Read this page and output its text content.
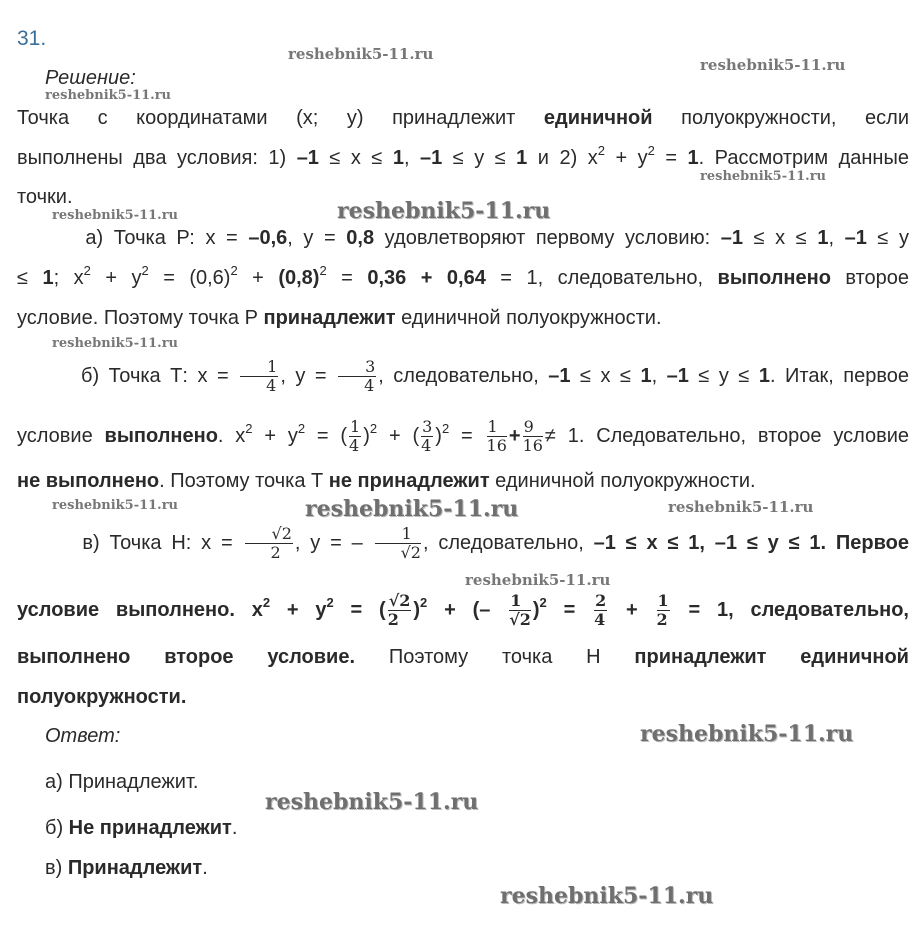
31.
Решение:
Точка с координатами (x; y) принадлежит единичной полуокружности, если
выполнены два условия: 1) –1 ≤ x ≤ 1, –1 ≤ y ≤ 1 и 2) $x^2 + y^2 = 1$. Рассмотрим данные
точки.
а) Точка Р: x = –0,6, y = 0,8 удовлетворяют первому условию: –1 ≤ x ≤ 1, –1 ≤ y
≤ 1; $x^2 + y^2 = (0,6)^2 + (0,8)^2 = 0,36 + 0,64 = 1$, следовательно, выполнено второе
условие. Поэтому точка Р принадлежит единичной полуокружности.
б) Точка Т: $x = \frac{1}{4}$ , $y = \frac{3}{4}$ , следовательно, –1 ≤ x ≤ 1, –1 ≤ y ≤ 1. Итак, первое
условие выполнено. $x^2 + y^2$ = ( $\frac{1}{4} )^2$ + ( $\frac{3}{4} )^2 = \frac{1}{16} + \frac{9}{16} \ne 1$. Следовательно, второе условие
не выполнено. Поэтому точка Т не принадлежит единичной полуокружности.
в) Точка Н: $x = \frac{√2}{2}$ , y = – $\frac{1}{√2}$ , следовательно, –1 ≤ x ≤ 1, –1 ≤ y ≤ 1. Первое
условие выполнено. $x^2 + y^2$ = ( $\frac{√2}{2} )^2$ + (– $\frac{1}{√2} )^2 = \frac{2}{4} + \frac{1}{2} = 1$, следовательно,
выполнено второе условие. Поэтому точка Н принадлежит единичной
полуокружности.
Ответ:
а) Принадлежит.
б) Не принадлежит.
в) Принадлежит.
reshebnik5-11.ru
reshebnik5-11.ru
reshebnik5-11.ru
reshebnik5-11.ru
reshebnik5-11.ru	reshebnik5-11.ru
reshebnik5-11.ru
reshebnik5-11.ru	reshebnik5-11.ru
reshebnik5-11.ru
reshebnik5-11.ru
reshebnik5-11.ru
reshebnik5-11.ru
reshebnik5-11.ru
